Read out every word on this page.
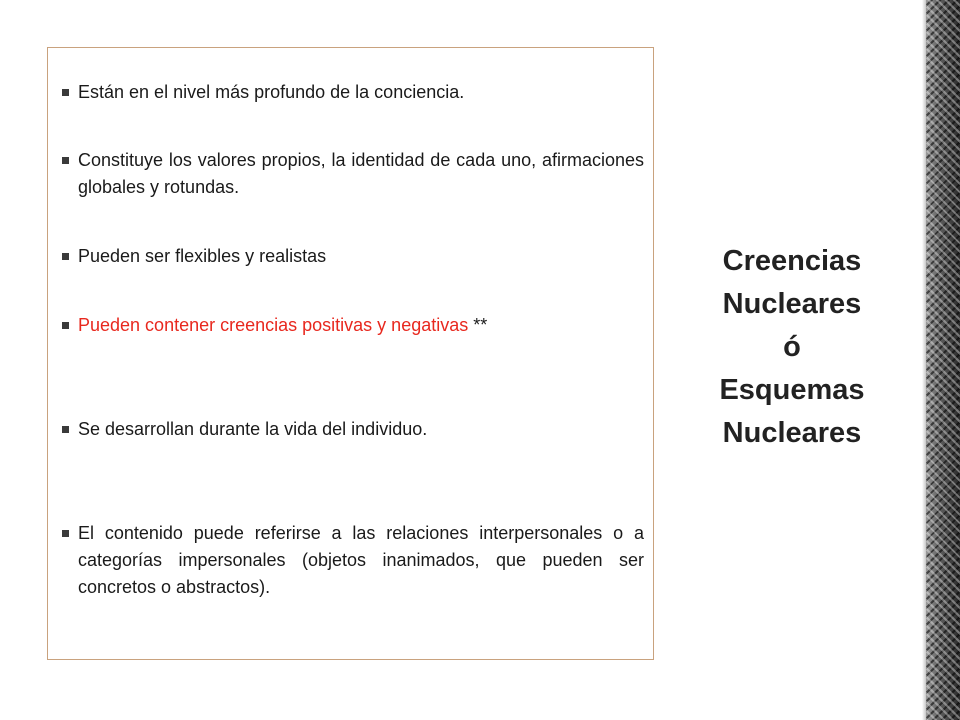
Están en el nivel más profundo de la conciencia.
Constituye los valores propios, la identidad de cada uno, afirmaciones globales y rotundas.
Pueden ser flexibles y realistas
Pueden contener creencias positivas y negativas **
Se desarrollan durante la vida del individuo.
El contenido puede referirse a las relaciones interpersonales o a categorías impersonales (objetos inanimados, que pueden ser concretos o abstractos).
Creencias
Nucleares
ó
Esquemas
Nucleares
